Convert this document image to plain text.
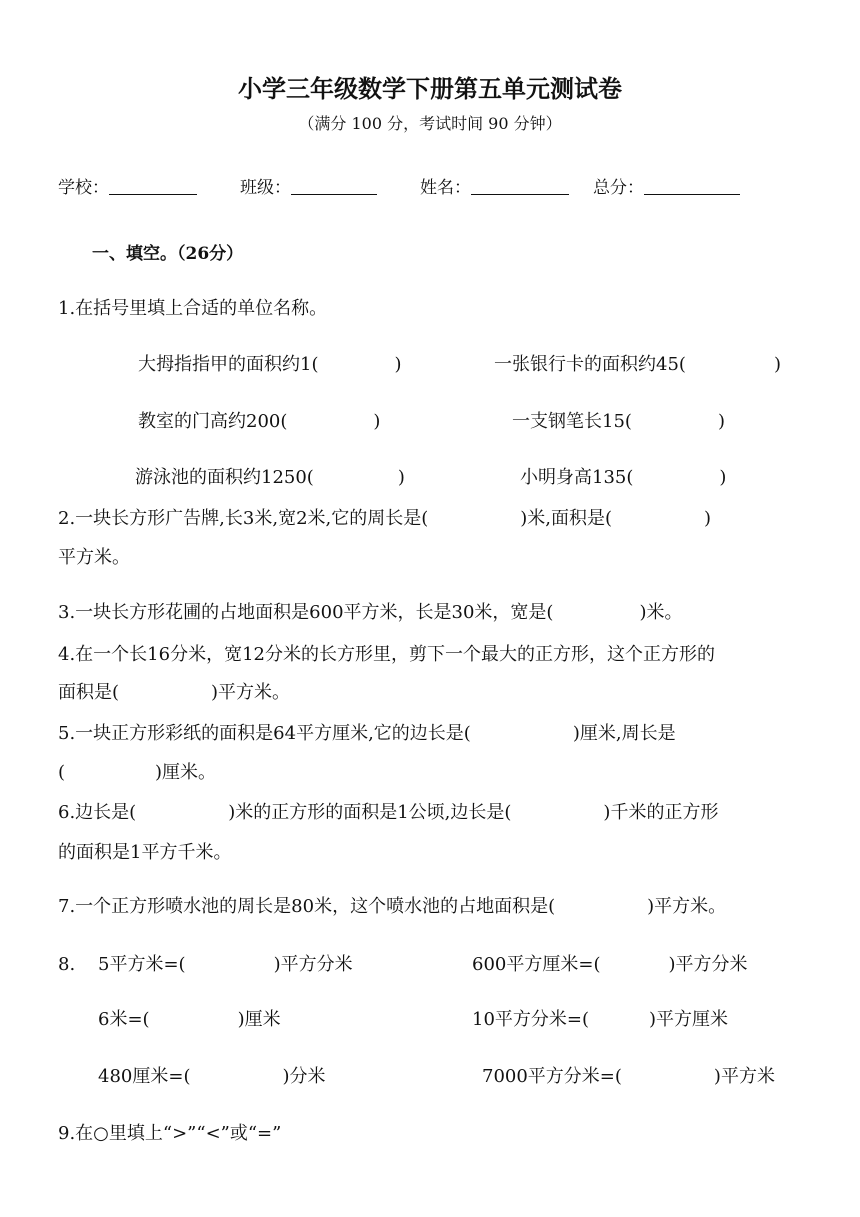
小学三年级数学下册第五单元测试卷
（满分 100 分，考试时间 90 分钟）
学校：	班级：	姓名：	总分：
一、填空。（26分）
1.在括号里填上合适的单位名称。
大拇指指甲的面积约1(	)	一张银行卡的面积约45(	)
教室的门高约200(	)	一支钢笔长15(	)
游泳池的面积约1250(	)	小明身高135(	)
2.一块长方形广告牌,长3米,宽2米,它的周长是(	)米,面积是(	)
平方米。
3.一块长方形花圃的占地面积是600平方米，长是30米，宽是(	)米。
4.在一个长16分米，宽12分米的长方形里，剪下一个最大的正方形，这个正方形的
面积是(	)平方米。
5.一块正方形彩纸的面积是64平方厘米,它的边长是(	)厘米,周长是
(	)厘米。
6.边长是(	)米的正方形的面积是1公顷,边长是(	)千米的正方形
的面积是1平方千米。
7.一个正方形喷水池的周长是80米，这个喷水池的占地面积是(	)平方米。
8. 5平方米=(	)平方分米	600平方厘米=(	)平方分米
6米=(	)厘米	10平方分米=(	)平方厘米
480厘米=(	)分米	7000平方分米=(	)平方米
9.在○里填上“>”“<”或“=”
